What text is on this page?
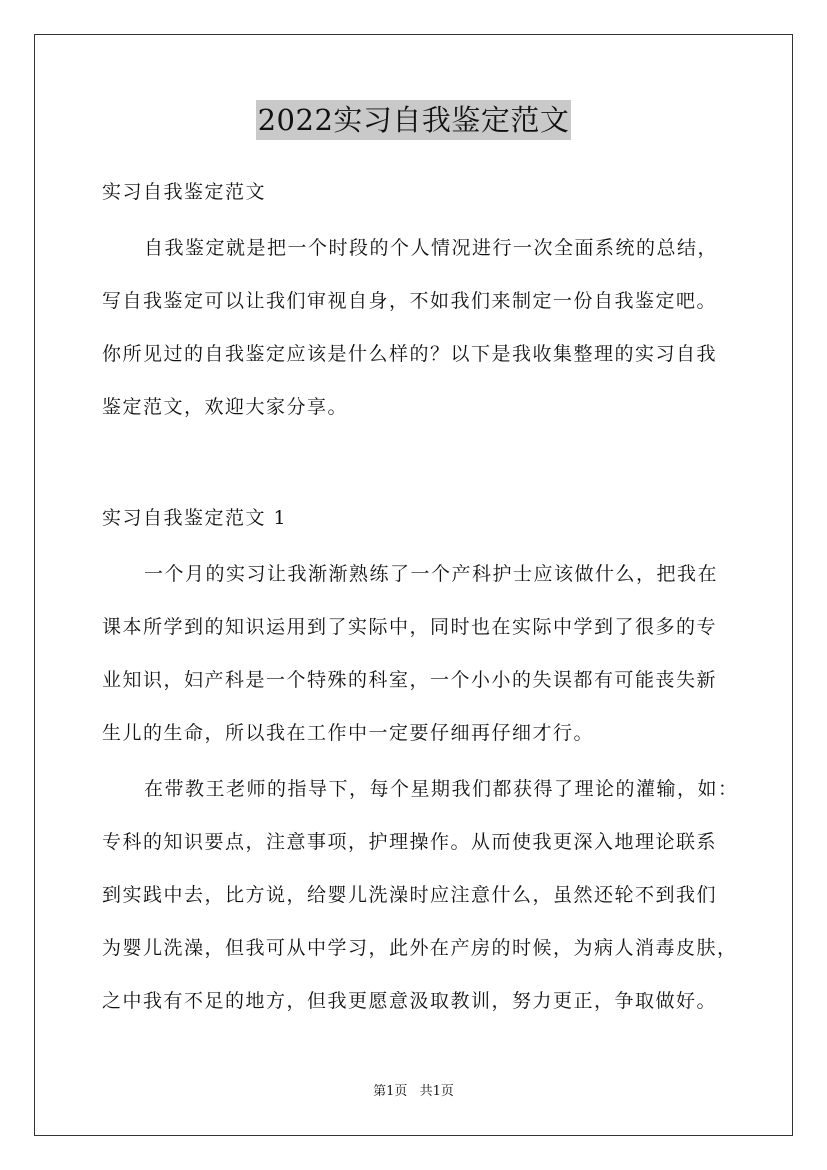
2022实习自我鉴定范文
实习自我鉴定范文
自我鉴定就是把一个时段的个人情况进行一次全面系统的总结，
写自我鉴定可以让我们审视自身，不如我们来制定一份自我鉴定吧。
你所见过的自我鉴定应该是什么样的？以下是我收集整理的实习自我
鉴定范文，欢迎大家分享。
实习自我鉴定范文 1
一个月的实习让我渐渐熟练了一个产科护士应该做什么，把我在
课本所学到的知识运用到了实际中，同时也在实际中学到了很多的专
业知识，妇产科是一个特殊的科室，一个小小的失误都有可能丧失新
生儿的生命，所以我在工作中一定要仔细再仔细才行。
在带教王老师的指导下，每个星期我们都获得了理论的灌输，如：
专科的知识要点，注意事项，护理操作。从而使我更深入地理论联系
到实践中去，比方说，给婴儿洗澡时应注意什么，虽然还轮不到我们
为婴儿洗澡，但我可从中学习，此外在产房的时候，为病人消毒皮肤，
之中我有不足的地方，但我更愿意汲取教训，努力更正，争取做好。
第1页 共1页
